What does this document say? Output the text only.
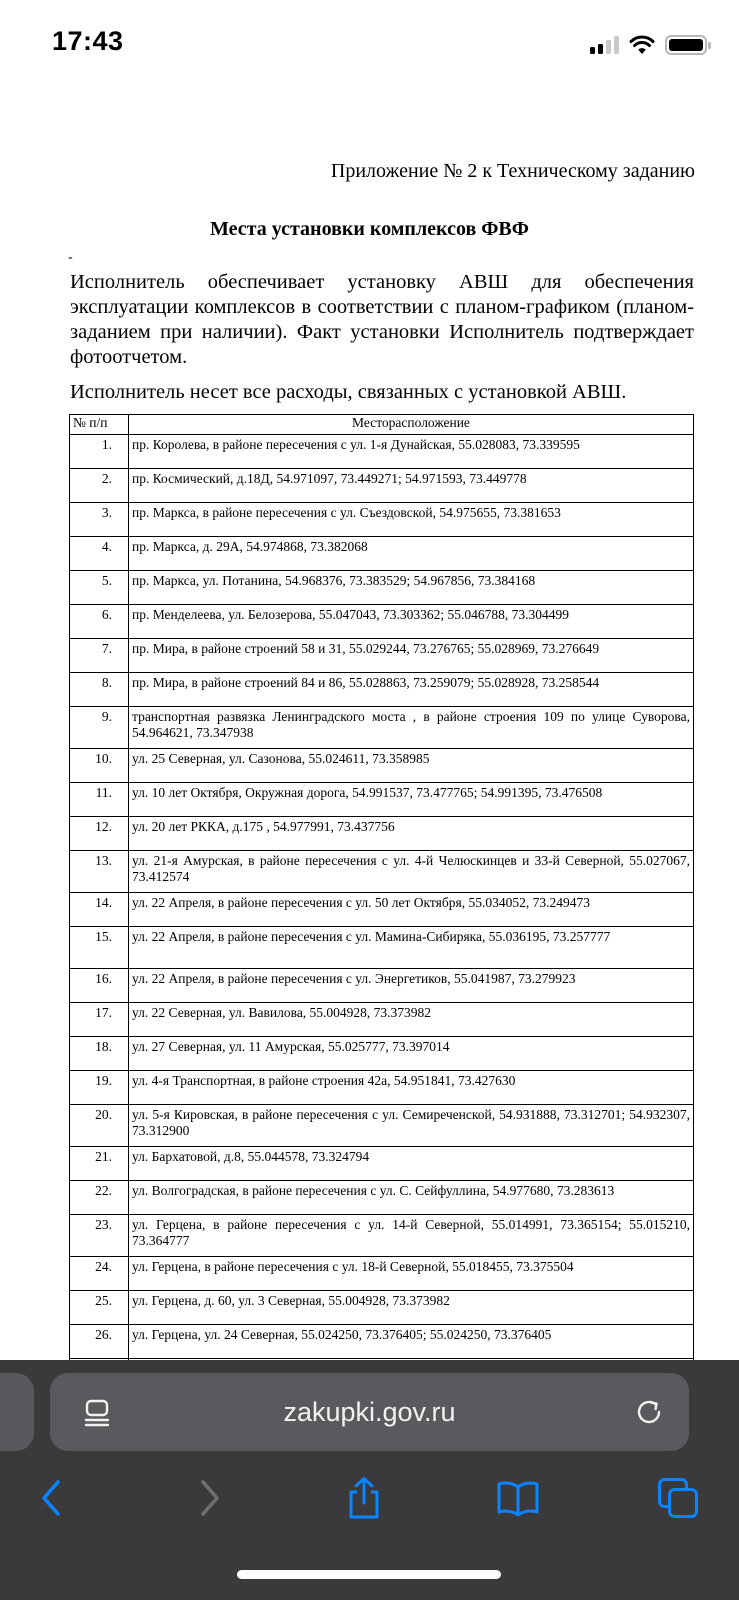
17:43
Приложение № 2 к Техническому заданию
Места установки комплексов ФВФ
-
Исполнитель обеспечивает установку АВШ для обеспечения эксплуатации комплексов в соответствии с планом-графиком (планом-заданием при наличии). Факт установки Исполнитель подтверждает фотоотчетом.
Исполнитель несет все расходы, связанных с установкой АВШ.
№ п/п	Месторасположение
1.	пр. Королева, в районе пересечения с ул. 1-я Дунайская, 55.028083, 73.339595
2.	пр. Космический, д.18Д, 54.971097, 73.449271; 54.971593, 73.449778
3.	пр. Маркса, в районе пересечения с ул. Съездовской, 54.975655, 73.381653
4.	пр. Маркса, д. 29А, 54.974868, 73.382068
5.	пр. Маркса, ул. Потанина, 54.968376, 73.383529; 54.967856, 73.384168
6.	пр. Менделеева, ул. Белозерова, 55.047043, 73.303362; 55.046788, 73.304499
7.	пр. Мира, в районе строений 58 и 31, 55.029244, 73.276765; 55.028969, 73.276649
8.	пр. Мира, в районе строений 84 и 86, 55.028863, 73.259079; 55.028928, 73.258544
9.	транспортная развязка Ленинградского моста , в районе строения 109 по улице Суворова, 54.964621, 73.347938
10.	ул. 25 Северная, ул. Сазонова, 55.024611, 73.358985
11.	ул. 10 лет Октября, Окружная дорога, 54.991537, 73.477765; 54.991395, 73.476508
12.	ул. 20 лет РККА, д.175 , 54.977991, 73.437756
13.	ул. 21-я Амурская, в районе пересечения с ул. 4-й Челюскинцев и 33-й Северной, 55.027067, 73.412574
14.	ул. 22 Апреля, в районе пересечения с ул. 50 лет Октября, 55.034052, 73.249473
15.	ул. 22 Апреля, в районе пересечения с ул. Мамина-Сибиряка, 55.036195, 73.257777
16.	ул. 22 Апреля, в районе пересечения с ул. Энергетиков, 55.041987, 73.279923
17.	ул. 22 Северная, ул. Вавилова, 55.004928, 73.373982
18.	ул. 27 Северная, ул. 11 Амурская, 55.025777, 73.397014
19.	ул. 4-я Транспортная, в районе строения 42а, 54.951841, 73.427630
20.	ул. 5-я Кировская, в районе пересечения с ул. Семиреченской, 54.931888, 73.312701; 54.932307, 73.312900
21.	ул. Бархатовой, д.8, 55.044578, 73.324794
22.	ул. Волгоградская, в районе пересечения с ул. С. Сейфуллина, 54.977680, 73.283613
23.	ул. Герцена, в районе пересечения с ул. 14-й Северной, 55.014991, 73.365154; 55.015210, 73.364777
24.	ул. Герцена, в районе пересечения с ул. 18-й Северной, 55.018455, 73.375504
25.	ул. Герцена, д. 60, ул. 3 Северная, 55.004928, 73.373982
26.	ул. Герцена, ул. 24 Северная, 55.024250, 73.376405; 55.024250, 73.376405

zakupki.gov.ru
